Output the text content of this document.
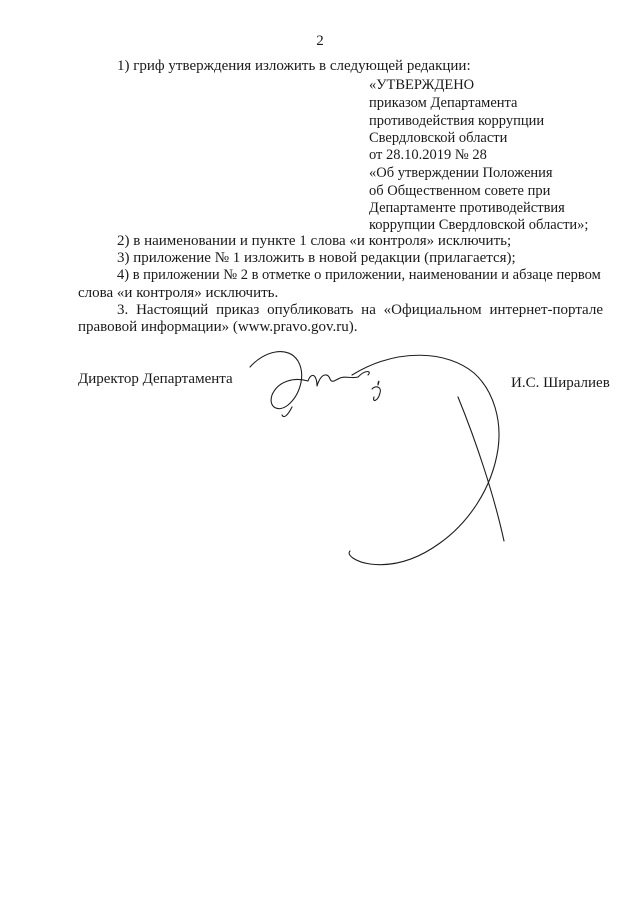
2

1) гриф утверждения изложить в следующей редакции:

«УТВЕРЖДЕНО

приказом Департамента

противодействия коррупции

Свердловской области

от 28.10.2019 № 28

«Об утверждении Положения

об Общественном совете при

Департаменте противодействия

коррупции Свердловской области»;

2) в наименовании и пункте 1 слова «и контроля» исключить;

3) приложение № 1 изложить в новой редакции (прилагается);

4) в приложении № 2 в отметке о приложении, наименовании и абзаце первом

слова «и контроля» исключить.

3. Настоящий приказ опубликовать на «Официальном интернет-портале

правовой информации» (www.pravo.gov.ru).

Директор Департамента	И.С. Ширалиев
